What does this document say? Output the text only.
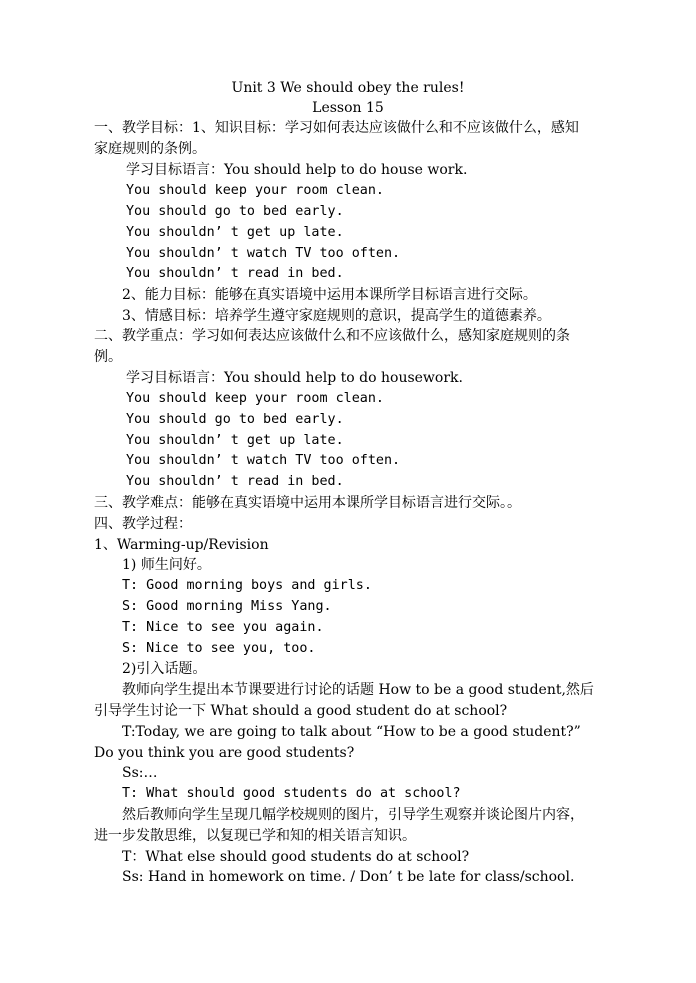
Unit 3 We should obey the rules!
Lesson 15
一、教学目标：1、知识目标：学习如何表达应该做什么和不应该做什么，感知
家庭规则的条例。
学习目标语言：You should help to do house work.
You should keep your room clean.
You should go to bed early.
You shouldn’ t get up late.
You shouldn’ t watch TV too often.
You shouldn’ t read in bed.
2、能力目标：能够在真实语境中运用本课所学目标语言进行交际。
3、情感目标：培养学生遵守家庭规则的意识，提高学生的道德素养。
二、教学重点：学习如何表达应该做什么和不应该做什么，感知家庭规则的条
例。
学习目标语言：You should help to do housework.
You should keep your room clean.
You should go to bed early.
You shouldn’ t get up late.
You shouldn’ t watch TV too often.
You shouldn’ t read in bed.
三、教学难点：能够在真实语境中运用本课所学目标语言进行交际。。
四、教学过程：
1、Warming-up/Revision
1) 师生问好。
T: Good morning boys and girls.
S: Good morning Miss Yang.
T: Nice to see you again.
S: Nice to see you, too.
2)引入话题。
教师向学生提出本节课要进行讨论的话题 How to be a good student,然后
引导学生讨论一下 What should a good student do at school?
T:Today, we are going to talk about “How to be a good student?”
Do you think you are good students?
Ss:…
T: What should good students do at school?
然后教师向学生呈现几幅学校规则的图片，引导学生观察并谈论图片内容，
进一步发散思维，以复现已学和知的相关语言知识。
T：What else should good students do at school?
Ss: Hand in homework on time. / Don’ t be late for class/school.
